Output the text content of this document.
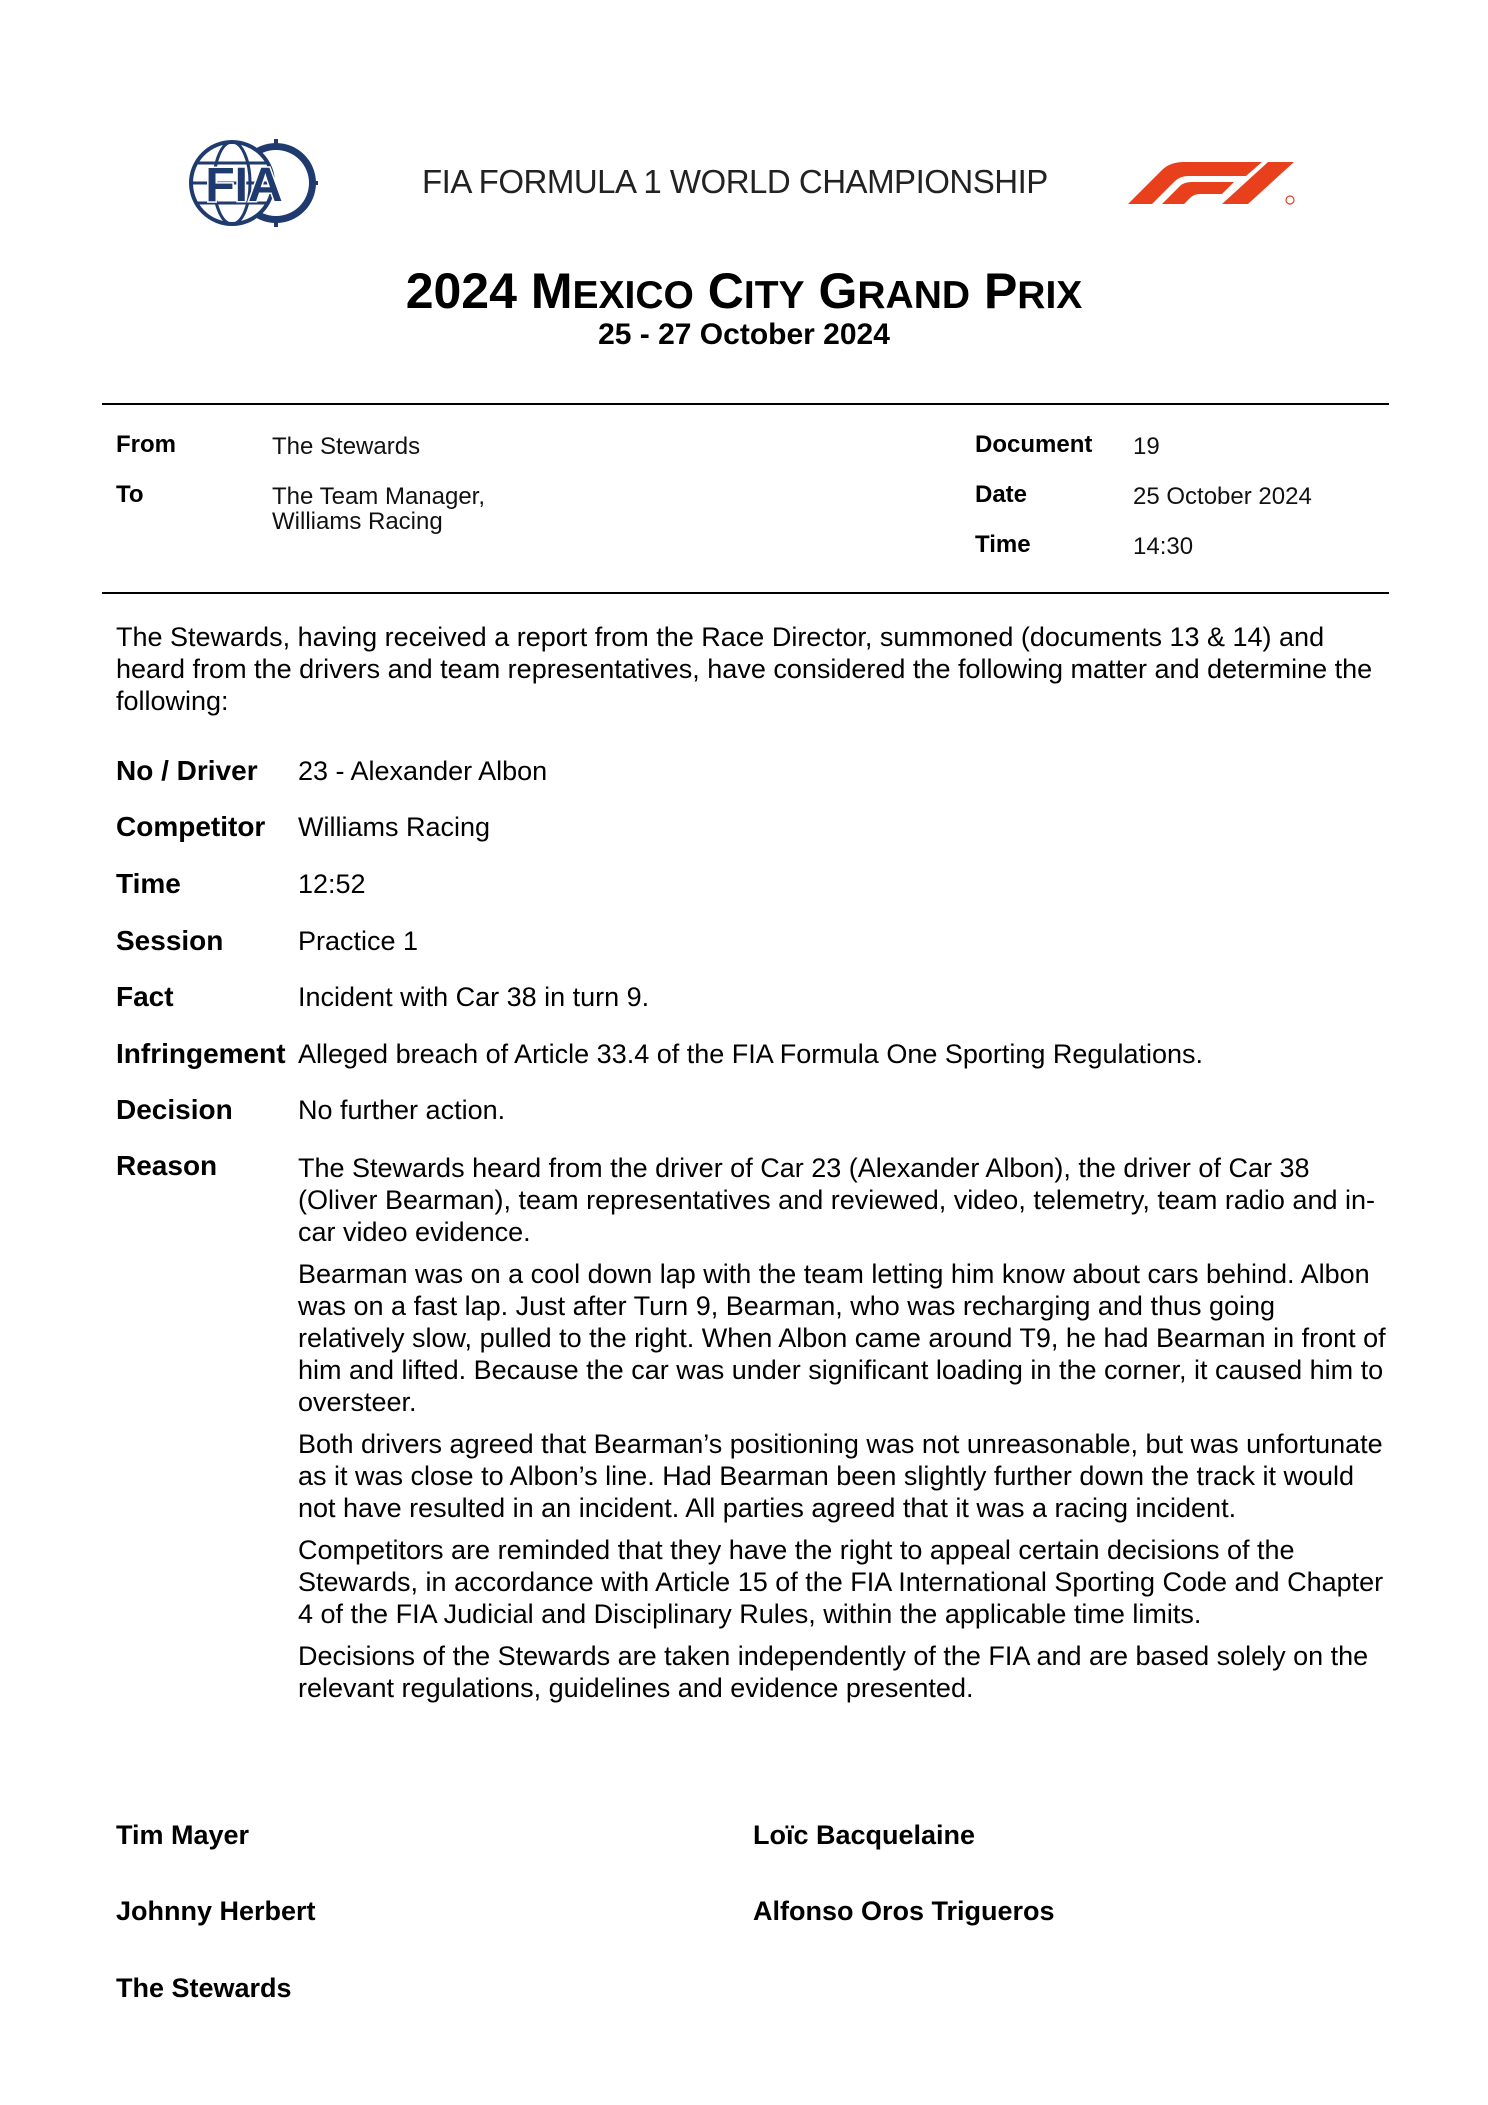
FIA	FIA FORMULA 1 WORLD CHAMPIONSHIP
2024 MEXICO CITY GRAND PRIX
25 - 27 October 2024
From	The Stewards
To	The Team Manager,
Williams Racing
Document 19
Date	25 October 2024
Time	14:30
The Stewards, having received a report from the Race Director, summoned (documents 13 & 14) and heard from the drivers and team representatives, have considered the following matter and determine the following:
No / Driver 23 - Alexander Albon
Competitor Williams Racing
Time	12:52
Session	Practice 1
Fact	Incident with Car 38 in turn 9.
Infringement Alleged breach of Article 33.4 of the FIA Formula One Sporting Regulations.
Decision No further action.
Reason	The Stewards heard from the driver of Car 23 (Alexander Albon), the driver of Car 38 (Oliver Bearman), team representatives and reviewed, video, telemetry, team radio and in-car video evidence.

Bearman was on a cool down lap with the team letting him know about cars behind. Albon was on a fast lap. Just after Turn 9, Bearman, who was recharging and thus going relatively slow, pulled to the right. When Albon came around T9, he had Bearman in front of him and lifted. Because the car was under significant loading in the corner, it caused him to oversteer.

Both drivers agreed that Bearman’s positioning was not unreasonable, but was unfortunate as it was close to Albon’s line. Had Bearman been slightly further down the track it would not have resulted in an incident. All parties agreed that it was a racing incident.

Competitors are reminded that they have the right to appeal certain decisions of the Stewards, in accordance with Article 15 of the FIA International Sporting Code and Chapter 4 of the FIA Judicial and Disciplinary Rules, within the applicable time limits.

Decisions of the Stewards are taken independently of the FIA and are based solely on the relevant regulations, guidelines and evidence presented.

Tim Mayer	Loïc Bacquelaine
Johnny Herbert	Alfonso Oros Trigueros
The Stewards
